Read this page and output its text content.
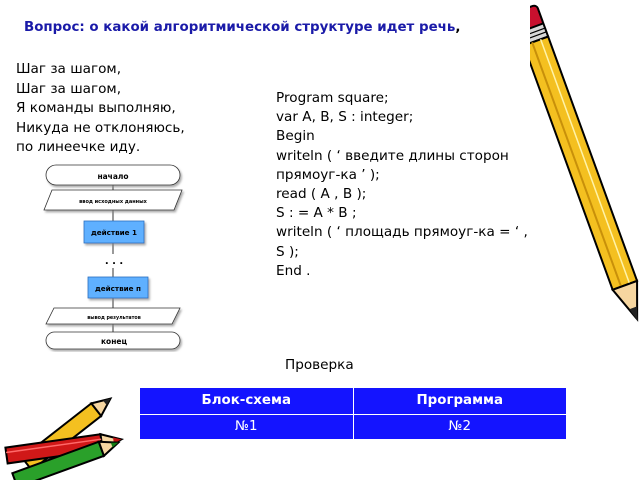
Вопрос: о какой алгоритмической структуре идет речь,
Шаг за шагом,
Шаг за шагом,
Я команды выполняю,
Никуда не отклоняюсь,
по линеечке иду.
Program square;
var A, B, S : integer;
Begin
writeln ( ‘ введите длины сторон
прямоуг-ка ’ );
read ( A , B );
S : = A * B ;
writeln ( ‘ площадь прямоуг-ка = ‘ ,
S );
End .
начало
ввод исходных данных
действие 1
. . .
действие п
вывод результатов
конец
Проверка
Блок-схема	Программа
№1	№2
